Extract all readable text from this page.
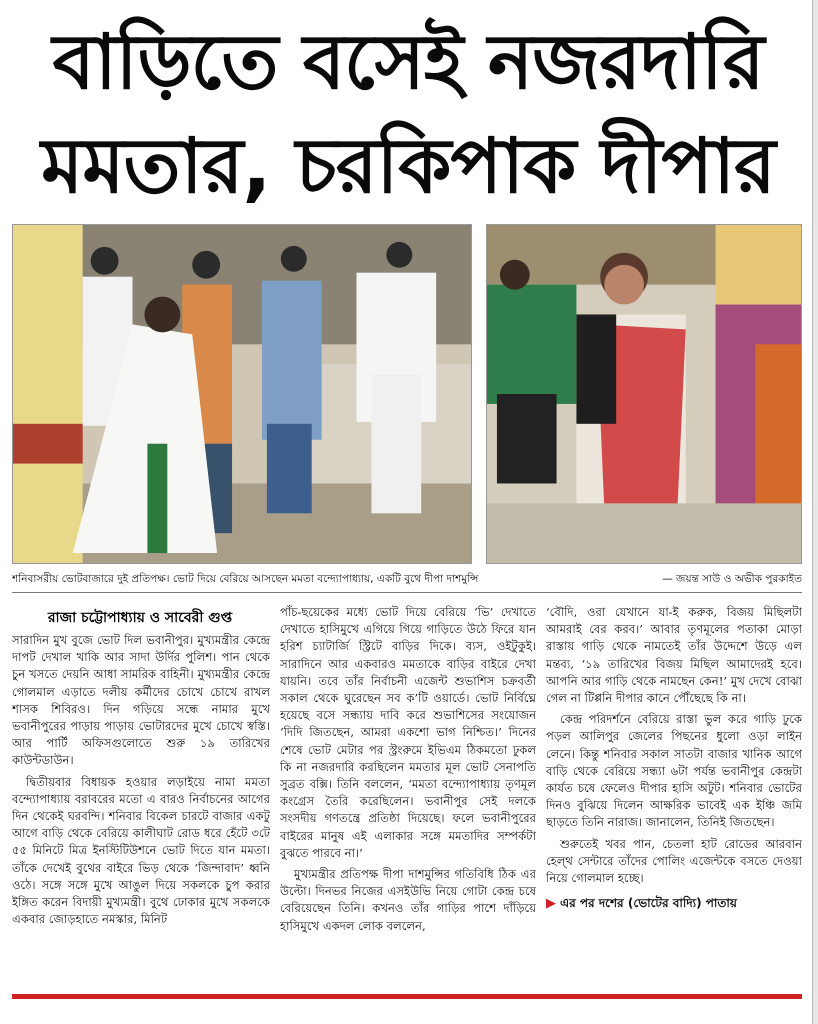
বাড়িতে বসেই নজরদারি
মমতার, চরকিপাক দীপার
শনিবাসরীয় ভোটবাজারে দুই প্রতিপক্ষ। ভোট দিয়ে বেরিয়ে আসছেন মমতা বন্দ্যোপাধ্যায়, একটি বুথে দীপা দাশমুন্সি	— জয়ন্ত সাউ ও অভীক পুরকাইত
রাজা চট্টোপাধ্যায় ও সাবেরী গুপ্ত

সারাদিন মুখ বুজে ভোট দিল ভবানীপুর। মুখ্যমন্ত্রীর কেন্দ্রে দাপট দেখাল খাকি আর সাদা উর্দির পুলিশ। পান থেকে চুন খসতে দেয়নি আধা সামরিক বাহিনী। মুখ্যমন্ত্রীর কেন্দ্রে গোলমাল এড়াতে দলীয় কর্মীদের চোখে চোখে রাখল শাসক শিবিরও। দিন গড়িয়ে সন্ধে নামার মুখে ভবানীপুরের পাড়ায় পাড়ায় ভোটারদের মুখে চোখে স্বস্তি। আর পার্টি অফিসগুলোতে শুরু ১৯ তারিখের কাউন্টডাউন।

দ্বিতীয়বার বিধায়ক হওয়ার লড়াইয়ে নামা মমতা বন্দ্যোপাধ্যায় বরাবরের মতো এ বারও নির্বাচনের আগের দিন থেকেই ঘরবন্দি। শনিবার বিকেল চারটে বাজার একটু আগে বাড়ি থেকে বেরিয়ে কালীঘাট রোড ধরে হেঁটে ৩টে ৫৫ মিনিটে মিত্র ইনস্টিটিউশনে ভোট দিতে যান মমতা। তাঁকে দেখেই বুথের বাইরে ভিড় থেকে ‘জিন্দাবাদ’ ধ্বনি ওঠে। সঙ্গে সঙ্গে মুখে আঙুল দিয়ে সকলকে চুপ করার ইঙ্গিত করেন বিদায়ী মুখ্যমন্ত্রী। বুথে ঢোকার মুখে সকলকে একবার জোড়হাতে নমস্কার, মিনিট

পাঁচ-ছয়েকের মধ্যে ভোট দিয়ে বেরিয়ে ‘ভি’ দেখাতে দেখাতে হাসিমুখে এগিয়ে গিয়ে গাড়িতে উঠে ফিরে যান হরিশ চ্যাটার্জি স্ট্রিটে বাড়ির দিকে। ব্যস, ওইটুকুই। সারাদিনে আর একবারও মমতাকে বাড়ির বাইরে দেখা যায়নি। তবে তাঁর নির্বাচনী এজেন্ট শুভাশিস চক্রবর্তী সকাল থেকে ঘুরেছেন সব ক’টি ওয়ার্ডে। ভোট নির্বিঘ্নে হয়েছে বসে সন্ধ্যায় দাবি করে শুভাশিসের সংযোজন ‘দিদি জিতছেন, আমরা একশো ভাগ নিশ্চিত।’ দিনের শেষে ভোট মেটার পর স্ট্রংরুমে ইভিএম ঠিকমতো ঢুকল কি না নজরদারি করছিলেন মমতার মূল ভোট সেনাপতি সুব্রত বক্সি। তিনি বললেন, ‘মমতা বন্দ্যোপাধ্যায় তৃণমূল কংগ্রেস তৈরি করেছিলেন। ভবানীপুর সেই দলকে সংসদীয় গণতন্ত্রে প্রতিষ্ঠা দিয়েছে। ফলে ভবানীপুরের বাইরের মানুষ এই এলাকার সঙ্গে মমতাদির সম্পর্কটা বুঝতে পারবে না।’

মুখ্যমন্ত্রীর প্রতিপক্ষ দীপা দাশমুন্সির গতিবিধি ঠিক এর উল্টো। দিনভর নিজের এসইউভি নিয়ে গোটা কেন্দ্র চষে বেরিয়েছেন তিনি। কখনও তাঁর গাড়ির পাশে দাঁড়িয়ে হাসিমুখে একদল লোক বললেন,

‘বৌদি, ওরা যেখানে যা-ই করুক, বিজয় মিছিলটা আমরাই বের করব।’ আবার তৃণমূলের পতাকা মোড়া রাস্তায় গাড়ি থেকে নামতেই তাঁর উদ্দেশে উড়ে এল মন্তব্য, ‘১৯ তারিখের বিজয় মিছিল আমাদেরই হবে। আপনি আর গাড়ি থেকে নামছেন কেন!’ মুখ দেখে বোঝা গেল না টিপ্পনি দীপার কানে পৌঁছেছে কি না।

কেন্দ্র পরিদর্শনে বেরিয়ে রাস্তা ভুল করে গাড়ি ঢুকে পড়ল আলিপুর জেলের পিছনের ধুলো ওড়া লাইন লেনে। কিন্তু শনিবার সকাল সাতটা বাজার খানিক আগে বাড়ি থেকে বেরিয়ে সন্ধ্যা ৬টা পর্যন্ত ভবানীপুর কেন্দ্রটা কার্যত চষে ফেলেও দীপার হাসি অটুট। শনিবার ভোটের দিনও বুঝিয়ে দিলেন আক্ষরিক ভাবেই এক ইঞ্চি জমি ছাড়তে তিনি নারাজ। জানালেন, তিনিই জিতছেন।

শুরুতেই খবর পান, চেতলা হাট রোডের আরবান হেল্থ সেন্টারে তাঁদের পোলিং এজেন্টকে বসতে দেওয়া নিয়ে গোলমাল হচ্ছে।

▶ এর পর দশের (ভোটের বাদ্যি) পাতায়
